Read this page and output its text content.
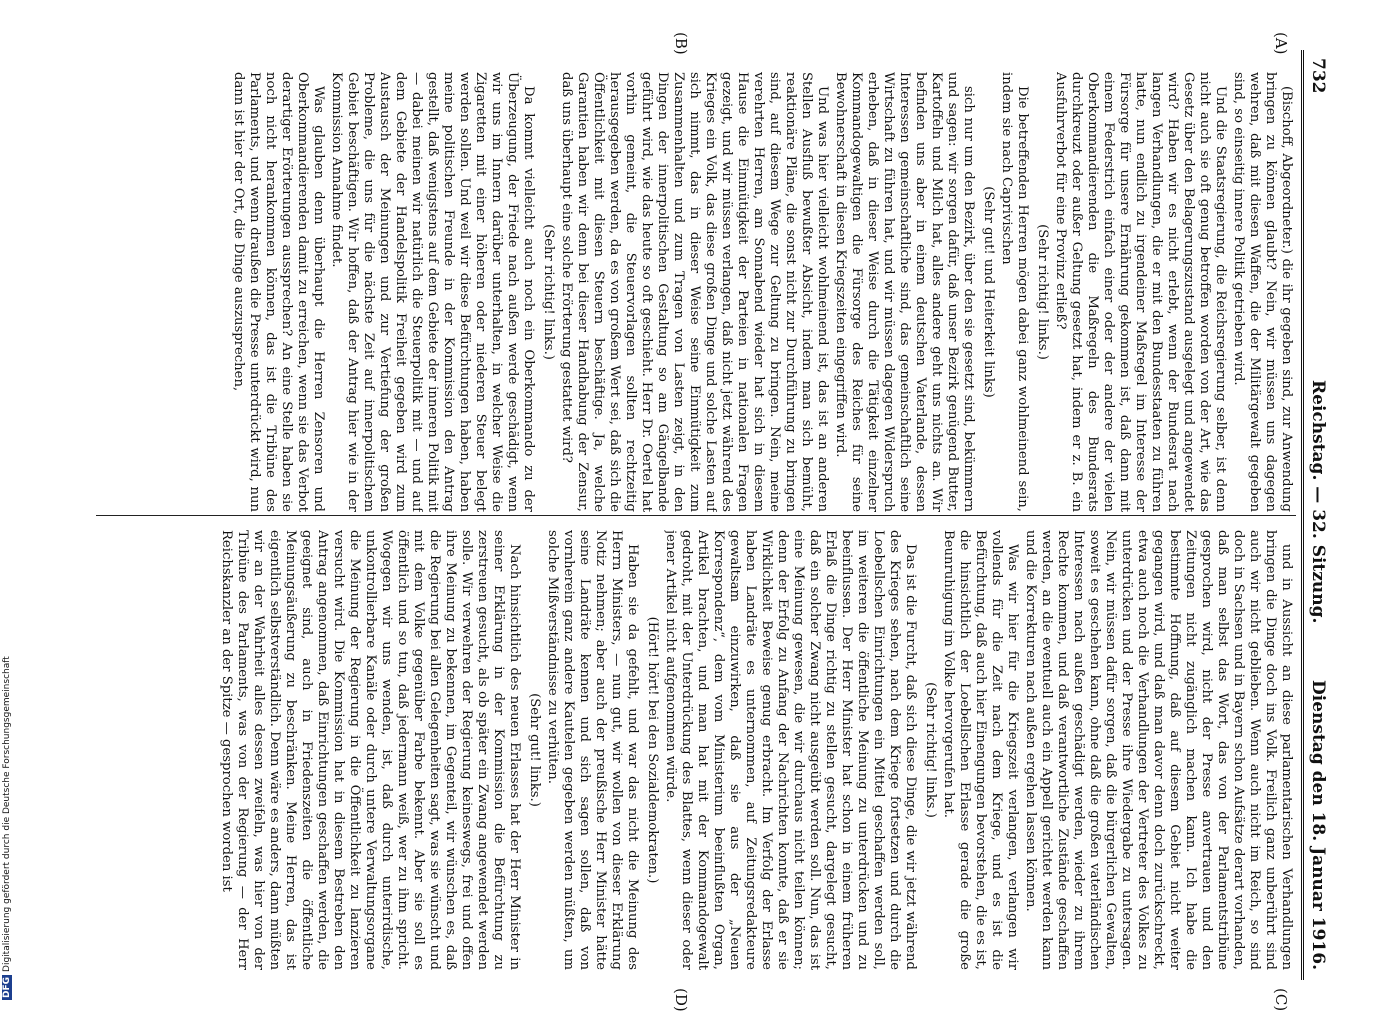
732
Reichstag. — 32. Sitzung.
Dienstag den 18. Januar 1916.
(A)
(B)
(C)
(D)

(Bischoff, Abgeordneter.) die ihr gegeben sind, zur Anwendung bringen zu können glaubt? Nein, wir müssen uns dagegen wehren, daß mit diesen Waffen, die der Militärgewalt gegeben sind, so einseitig innere Politik getrieben wird.

Und die Staatsregierung, die Reichsregierung selber, ist denn nicht auch sie oft genug betroffen worden von der Art, wie das Gesetz über den Belagerungszustand ausgelegt und angewendet wird? Haben wir es nicht erlebt, wenn der Bundesrat nach langen Verhandlungen, die er mit den Bundesstaaten zu führen hatte, nun endlich zu irgendeiner Maßregel im Interesse der Fürsorge für unsere Ernährung gekommen ist, daß dann mit einem Federstrich einfach einer oder der andere der vielen Oberkommandierenden die Maßregeln des Bundesrats durchkreuzt oder außer Geltung gesetzt hat, indem er z. B. ein Ausfuhrverbot für eine Provinz erließ?

(Sehr richtig! links.)

Die betreffenden Herren mögen dabei ganz wohlmeinend sein, indem sie nach Caprivischen

(Sehr gut! und Heiterkeit links)

sich nur um den Bezirk, über den sie gesetzt sind, bekümmern und sagen: wir sorgen dafür, daß unser Bezirk genügend Butter, Kartoffeln und Milch hat, alles andere geht uns nichts an. Wir befinden uns aber in einem deutschen Vaterlande, dessen Interessen gemeinschaftliche sind, das gemeinschaftlich seine Wirtschaft zu führen hat, und wir müssen dagegen Widerspruch erheben, daß in dieser Weise durch die Tätigkeit einzelner Kommandogewaltigen die Fürsorge des Reiches für seine Bewohnerschaft in diesen Kriegszeiten eingegriffen wird.

Und was hier vielleicht wohlmeinend ist, das ist an anderen Stellen Ausfluß bewußter Absicht, indem man sich bemüht, reaktionäre Pläne, die sonst nicht zur Durchführung zu bringen sind, auf diesem Wege zur Geltung zu bringen. Nein, meine verehrten Herren, am Sonnabend wieder hat sich in diesem Hause die Einmütigkeit der Parteien in nationalen Fragen gezeigt, und wir müssen verlangen, daß nicht jetzt während des Krieges ein Volk, das diese großen Dinge und solche Lasten auf sich nimmt, das in dieser Weise seine Einmütigkeit zum Zusammenhalten und zum Tragen von Lasten zeigt, in den Dingen der innerpolitischen Gestaltung so am Gängelbande geführt wird, wie das heute so oft geschieht. Herr Dr. Oertel hat vorhin gemeint, die Steuervorlagen sollten rechtzeitig herausgegeben werden, da es von großem Wert sei, daß sich die Öffentlichkeit mit diesen Steuern beschäftige. Ja, welche Garantien haben wir denn bei dieser Handhabung der Zensur, daß uns überhaupt eine solche Erörterung gestattet wird?

(Sehr richtig! links.)

Da kommt vielleicht auch noch ein Oberkommando zu der Überzeugung, der Friede nach außen werde geschädigt, wenn wir uns im Innern darüber unterhalten, in welcher Weise die Zigaretten mit einer höheren oder niederen Steuer belegt werden sollen. Und weil wir diese Befürchtungen haben, haben meine politischen Freunde in der Kommission den Antrag gestellt, daß wenigstens auf dem Gebiete der inneren Politik mit — dabei meinen wir natürlich die Steuerpolitik mit — und auf dem Gebiete der Handelspolitik Freiheit gegeben wird zum Austausch der Meinungen und zur Vertiefung der großen Probleme, die uns für die nächste Zeit auf innerpolitischem Gebiet beschäftigen. Wir hoffen, daß der Antrag hier wie in der Kommission Annahme findet.

Was glauben denn überhaupt die Herren Zensoren und Oberkommandierenden damit zu erreichen, wenn sie das Verbot derartiger Erörterungen aussprechen? An eine Stelle haben sie noch nicht herankommen können, das ist die Tribüne des Parlaments, und wenn draußen die Presse unterdrückt wird, nun dann ist hier der Ort, die Dinge auszusprechen,

und in Aussicht an diese parlamentarischen Verhandlungen bringen die Dinge doch ins Volk. Freilich ganz unberührt sind auch wir nicht geblieben. Wenn auch nicht im Reich, so sind doch in Sachsen und in Bayern schon Aufsätze derart vorhanden, daß man selbst das Wort, das von der Parlamentstribüne gesprochen wird, nicht der Presse anvertrauen und den Zeitungen nicht zugänglich machen kann. Ich habe die bestimmte Hoffnung, daß auf diesem Gebiet nicht weiter gegangen wird, und daß man davor denn doch zurückschreckt, etwa auch noch die Verhandlungen der Vertreter des Volkes zu unterdrücken und der Presse ihre Wiedergabe zu untersagen. Nein, wir müssen dafür sorgen, daß die bürgerlichen Gewalten, soweit es geschehen kann, ohne daß die großen vaterländischen Interessen nach außen geschädigt werden, wieder zu ihrem Rechte kommen, und daß verantwortliche Zustände geschaffen werden, an die eventuell auch ein Appell gerichtet werden kann und die Korrekturen nach außen ergehen lassen können.

Was wir hier für die Kriegszeit verlangen, verlangen wir vollends für die Zeit nach dem Kriege, und es ist die Befürchtung, daß auch hier Einengungen bevorstehen, die es ist, die hinsichtlich der Loebellschen Erlasse gerade die große Beunruhigung im Volke hervorgerufen hat.

(Sehr richtig! links.)

Das ist die Furcht, daß sich diese Dinge, die wir jetzt während des Krieges sehen, nach dem Kriege fortsetzen und durch die Loebellschen Einrichtungen ein Mittel geschaffen werden soll, im weiteren die öffentliche Meinung zu unterdrücken und zu beeinflussen. Der Herr Minister hat schon in einem früheren Erlaß die Dinge richtig zu stellen gesucht, dargelegt gesucht, daß ein solcher Zwang nicht ausgeübt werden soll. Nun, das ist eine Meinung gewesen, die wir durchaus nicht teilen können; denn der Erfolg zu Anfang der Nachrichten konnte, daß er sie Wirklichkeit Beweise genug erbracht. Im Verfolg der Erlasse haben Landräte es unternommen, auf Zeitungsredakteure gewaltsam einzuwirken, daß sie aus der „Neuen Korrespondenz“, dem vom Ministerium beeinflußten Organ, Artikel brachten, und man hat mit der Kommandogewalt gedroht, mit der Unterdrückung des Blattes, wenn dieser oder jener Artikel nicht aufgenommen würde.

(Hört! hört! bei den Sozialdemokraten.)

Haben sie da gefehlt, und war das nicht die Meinung des Herrn Ministers, — nun gut, wir wollen von dieser Erklärung Notiz nehmen; aber auch der preußische Herr Minister hätte seine Landräte kennen und sich sagen sollen, daß von vornherein ganz andere Kautelen gegeben werden müßten, um solche Mißverständnisse zu verhüten.

(Sehr gut! links.)

Nach hinsichtlich des neuen Erlasses hat der Herr Minister in seiner Erklärung in der Kommission die Befürchtung zu zerstreuen gesucht, als ob später ein Zwang angewendet werden solle. Wir verwehren der Regierung keineswegs, frei und offen ihre Meinung zu bekennen, im Gegenteil, wir wünschen es, daß die Regierung bei allen Gelegenheiten sagt, was sie wünscht und mit dem Volke gegenüber Farbe bekennt. Aber sie soll es öffentlich und so tun, daß jedermann weiß, wer zu ihm spricht. Wogegen wir uns wenden, ist, daß durch unterirdische, unkontrollierbare Kanäle oder durch untere Verwaltungsorgane die Meinung der Regierung in die Öffentlichkeit zu lanzieren versucht wird. Die Kommission hat in diesem Bestreben den Antrag angenommen, daß Einrichtungen geschaffen werden, die geeignet sind, auch in Friedenszeiten die öffentliche Meinungsäußerung zu beschränken. Meine Herren, das ist eigentlich selbstverständlich. Denn wäre es anders, dann müßten wir an der Wahrheit alles dessen zweifeln, was hier von der Tribüne des Parlaments, was von der Regierung — der Herr Reichskanzler an der Spitze — gesprochen worden ist

DFGDigitalisierung gefördert durch die Deutsche Forschungsgemeinschaft
